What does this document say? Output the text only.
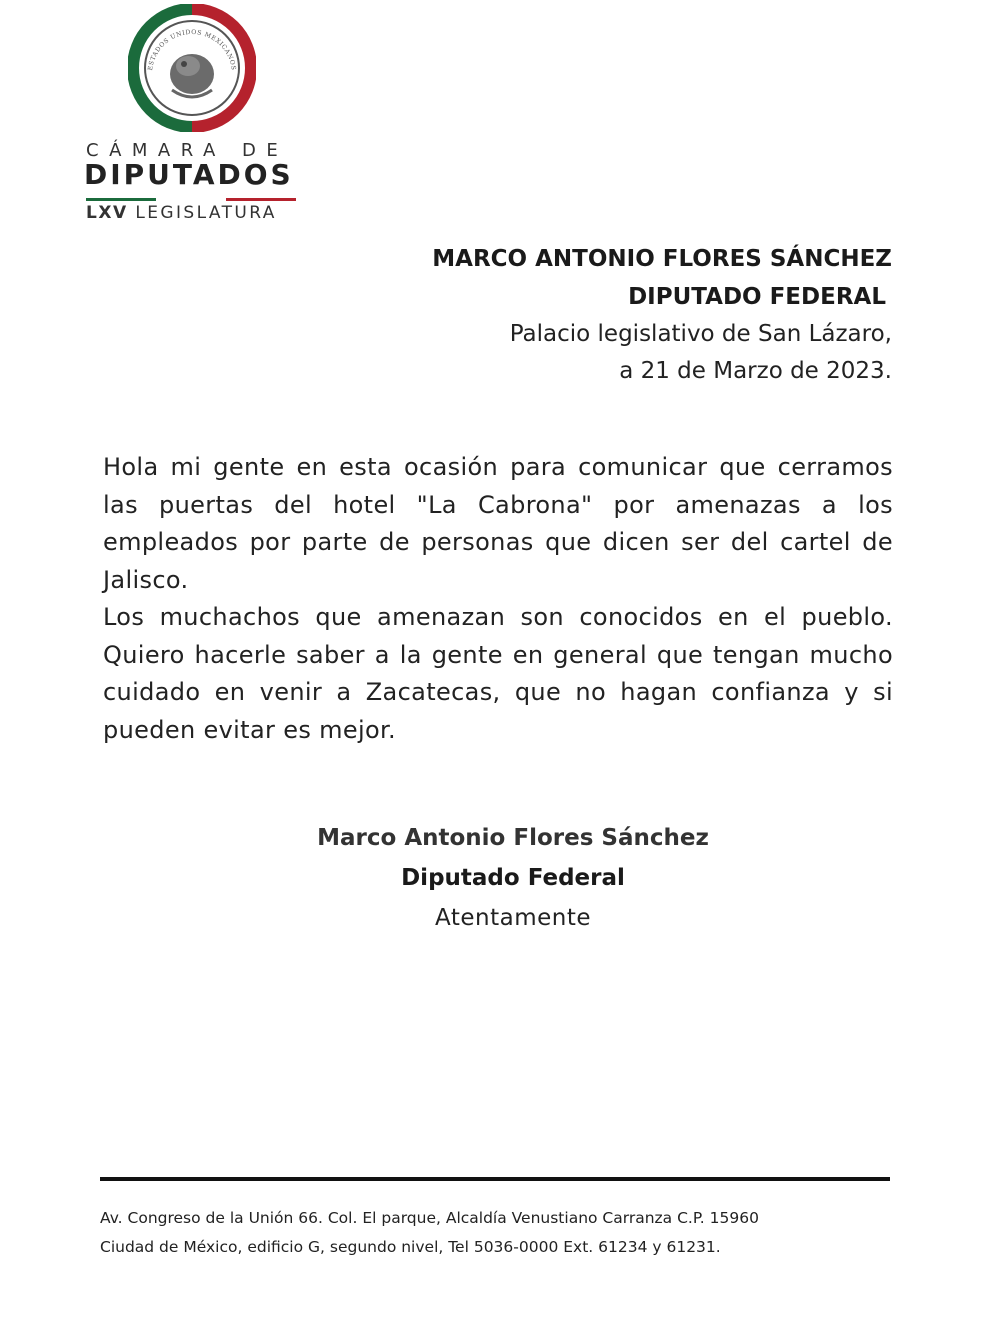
ESTADOS UNIDOS MEXICANOS
CÁMARA DE
DIPUTADOS
LXV LEGISLATURA
MARCO ANTONIO FLORES SÁNCHEZ
DIPUTADO FEDERAL
Palacio legislativo de San Lázaro,
a 21 de Marzo de 2023.

Hola mi gente en esta ocasión para comunicar que cerramos las puertas del hotel "La Cabrona" por amenazas a los empleados por parte de personas que dicen ser del cartel de Jalisco.

Los muchachos que amenazan son conocidos en el pueblo. Quiero hacerle saber a la gente en general que tengan mucho cuidado en venir a Zacatecas, que no hagan confianza y si pueden evitar es mejor.

Marco Antonio Flores Sánchez
Diputado Federal
Atentamente
Av. Congreso de la Unión 66. Col. El parque, Alcaldía Venustiano Carranza C.P. 15960
Ciudad de México, edificio G, segundo nivel, Tel 5036-0000 Ext. 61234 y 61231.
